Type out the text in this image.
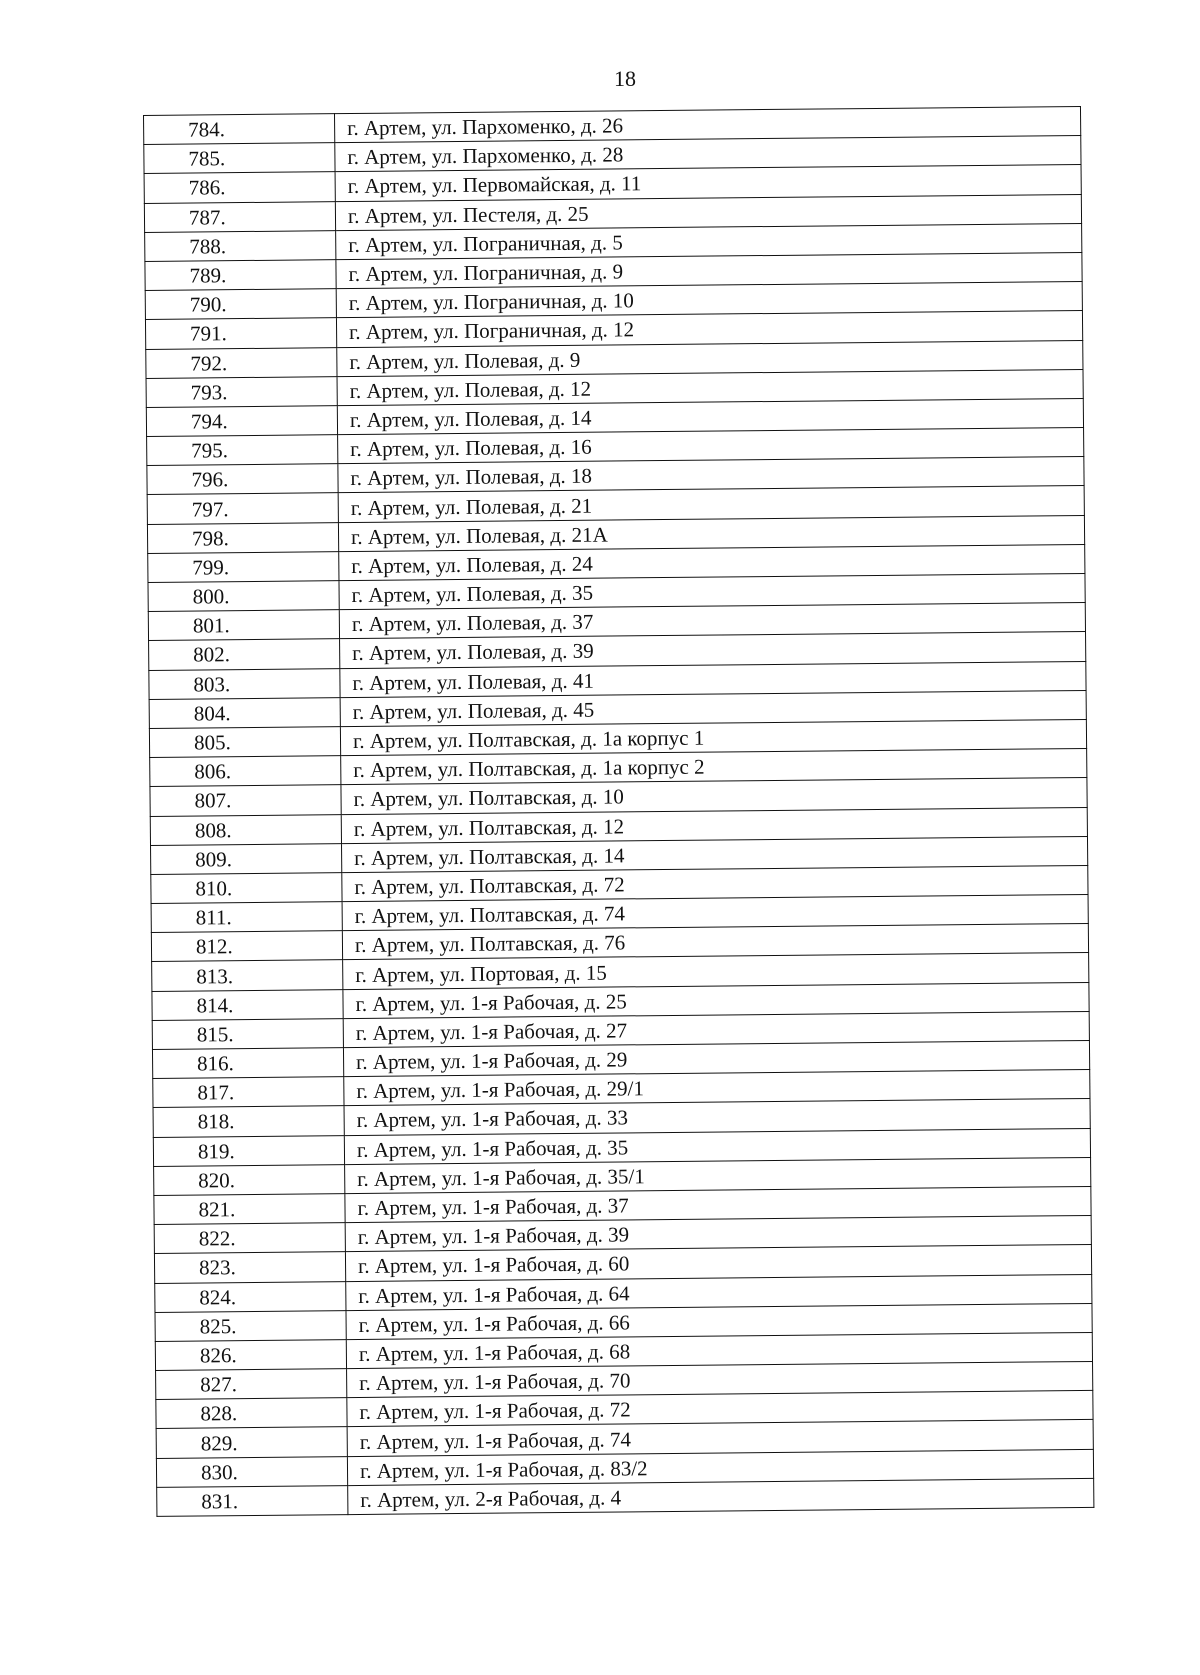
18
784.	г. Артем, ул. Пархоменко, д. 26
785.	г. Артем, ул. Пархоменко, д. 28
786.	г. Артем, ул. Первомайская, д. 11
787.	г. Артем, ул. Пестеля, д. 25
788.	г. Артем, ул. Пограничная, д. 5
789.	г. Артем, ул. Пограничная, д. 9
790.	г. Артем, ул. Пограничная, д. 10
791.	г. Артем, ул. Пограничная, д. 12
792.	г. Артем, ул. Полевая, д. 9
793.	г. Артем, ул. Полевая, д. 12
794.	г. Артем, ул. Полевая, д. 14
795.	г. Артем, ул. Полевая, д. 16
796.	г. Артем, ул. Полевая, д. 18
797.	г. Артем, ул. Полевая, д. 21
798.	г. Артем, ул. Полевая, д. 21А
799.	г. Артем, ул. Полевая, д. 24
800.	г. Артем, ул. Полевая, д. 35
801.	г. Артем, ул. Полевая, д. 37
802.	г. Артем, ул. Полевая, д. 39
803.	г. Артем, ул. Полевая, д. 41
804.	г. Артем, ул. Полевая, д. 45
805.	г. Артем, ул. Полтавская, д. 1а корпус 1
806.	г. Артем, ул. Полтавская, д. 1а корпус 2
807.	г. Артем, ул. Полтавская, д. 10
808.	г. Артем, ул. Полтавская, д. 12
809.	г. Артем, ул. Полтавская, д. 14
810.	г. Артем, ул. Полтавская, д. 72
811.	г. Артем, ул. Полтавская, д. 74
812.	г. Артем, ул. Полтавская, д. 76
813.	г. Артем, ул. Портовая, д. 15
814.	г. Артем, ул. 1-я Рабочая, д. 25
815.	г. Артем, ул. 1-я Рабочая, д. 27
816.	г. Артем, ул. 1-я Рабочая, д. 29
817.	г. Артем, ул. 1-я Рабочая, д. 29/1
818.	г. Артем, ул. 1-я Рабочая, д. 33
819.	г. Артем, ул. 1-я Рабочая, д. 35
820.	г. Артем, ул. 1-я Рабочая, д. 35/1
821.	г. Артем, ул. 1-я Рабочая, д. 37
822.	г. Артем, ул. 1-я Рабочая, д. 39
823.	г. Артем, ул. 1-я Рабочая, д. 60
824.	г. Артем, ул. 1-я Рабочая, д. 64
825.	г. Артем, ул. 1-я Рабочая, д. 66
826.	г. Артем, ул. 1-я Рабочая, д. 68
827.	г. Артем, ул. 1-я Рабочая, д. 70
828.	г. Артем, ул. 1-я Рабочая, д. 72
829.	г. Артем, ул. 1-я Рабочая, д. 74
830.	г. Артем, ул. 1-я Рабочая, д. 83/2
831.	г. Артем, ул. 2-я Рабочая, д. 4
